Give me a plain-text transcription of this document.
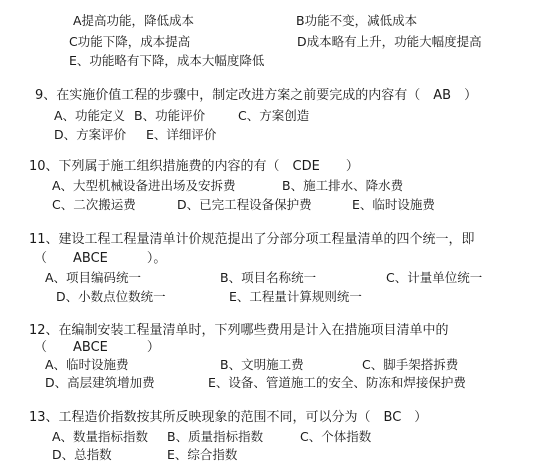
A提高功能，降低成本	B功能不变，减低成本
C功能下降，成本提高	D成本略有上升，功能大幅度提高
E、功能略有下降，成本大幅度降低
9、在实施价值工程的步骤中，制定改进方案之前要完成的内容有（　AB　）
A、功能定义 B、功能评价	C、方案创造
D、方案评价 E、详细评价
10、下列属于施工组织措施费的内容的有（　CDE　　）
A、大型机械设备进出场及安拆费	B、施工排水、降水费
C、二次搬运费	D、已完工程设备保护费	E、临时设施费
11、建设工程工程量清单计价规范提出了分部分项工程量清单的四个统一，即
（　　ABCE　　　）。
A、项目编码统一	B、项目名称统一	C、计量单位统一
D、小数点位数统一	E、工程量计算规则统一
12、在编制安装工程量清单时，下列哪些费用是计入在措施项目清单中的
（　　ABCE　　　）
A、临时设施费	B、文明施工费	C、脚手架搭拆费
D、高层建筑增加费	E、设备、管道施工的安全、防冻和焊接保护费
13、工程造价指数按其所反映现象的范围不同，可以分为（　BC　）
A、数量指标指数 B、质量指标指数	C、个体指数
D、总指数	E、综合指数
